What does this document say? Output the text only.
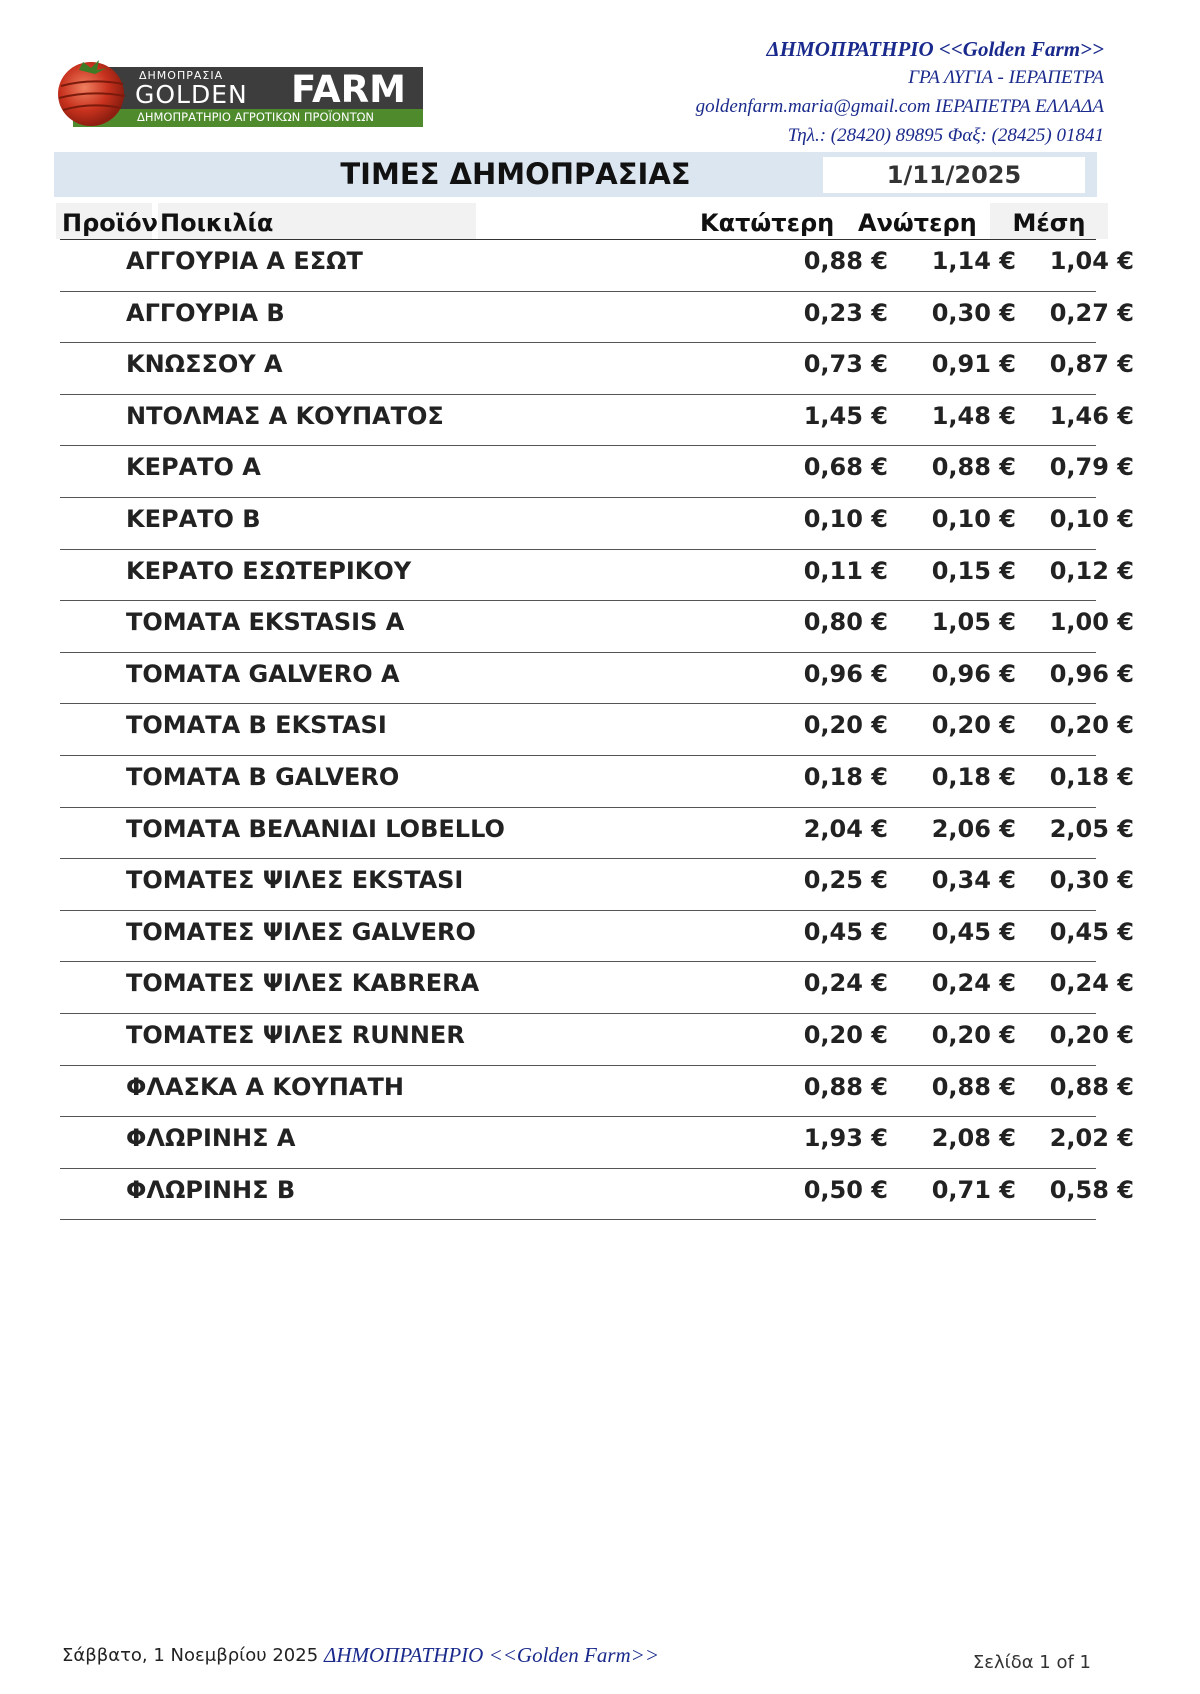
ΔΗΜΟΠΡΑΣΙΑ
GOLDEN FARM
ΔΗΜΟΠΡΑΤΗΡΙΟ ΑΓΡΟΤΙΚΩΝ ΠΡΟΪΟΝΤΩΝ
ΔΗΜΟΠΡΑΤΗΡΙΟ <<Golden Farm>>
ΓΡΑ ΛΥΓΙΑ - ΙΕΡΑΠΕΤΡΑ
goldenfarm.maria@gmail.com ΙΕΡΑΠΕΤΡΑ ΕΛΛΑΔΑ
Τηλ.: (28420) 89895 Φαξ: (28425) 01841
ΤΙΜΕΣ ΔΗΜΟΠΡΑΣΙΑΣ	1/11/2025
Προϊόν Ποικιλία	Κατώτερη Ανώτερη	Μέση
ΑΓΓΟΥΡΙΑ Α ΕΣΩΤ	0,88 € 1,14 € 1,04 €
ΑΓΓΟΥΡΙΑ Β	0,23 € 0,30 € 0,27 €
ΚΝΩΣΣΟΥ Α	0,73 € 0,91 € 0,87 €
ΝΤΟΛΜΑΣ Α ΚΟΥΠΑΤΟΣ	1,45 € 1,48 € 1,46 €
ΚΕΡΑΤΟ Α	0,68 € 0,88 € 0,79 €
ΚΕΡΑΤΟ Β	0,10 € 0,10 € 0,10 €
ΚΕΡΑΤΟ ΕΣΩΤΕΡΙΚΟΥ	0,11 € 0,15 € 0,12 €
ΤΟΜΑΤΑ EKSTASIS A	0,80 € 1,05 € 1,00 €
ΤΟΜΑΤΑ GALVERO A	0,96 € 0,96 € 0,96 €
ΤΟΜΑΤΑ Β EKSTASI	0,20 € 0,20 € 0,20 €
ΤΟΜΑΤΑ Β GALVERO	0,18 € 0,18 € 0,18 €
ΤΟΜΑΤΑ ΒΕΛΑΝΙΔΙ LOBELLO	2,04 € 2,06 € 2,05 €
ΤΟΜΑΤΕΣ ΨΙΛΕΣ EKSTASI	0,25 € 0,34 € 0,30 €
ΤΟΜΑΤΕΣ ΨΙΛΕΣ GALVERO	0,45 € 0,45 € 0,45 €
ΤΟΜΑΤΕΣ ΨΙΛΕΣ KABRERA	0,24 € 0,24 € 0,24 €
ΤΟΜΑΤΕΣ ΨΙΛΕΣ RUNNER	0,20 € 0,20 € 0,20 €
ΦΛΑΣΚΑ Α ΚΟΥΠΑΤΗ	0,88 € 0,88 € 0,88 €
ΦΛΩΡΙΝΗΣ Α	1,93 € 2,08 € 2,02 €
ΦΛΩΡΙΝΗΣ Β	0,50 € 0,71 € 0,58 €
Σάββατο, 1 Νοεμβρίου 2025 ΔΗΜΟΠΡΑΤΗΡΙΟ <<Golden Farm>>	Σελίδα 1 of 1
